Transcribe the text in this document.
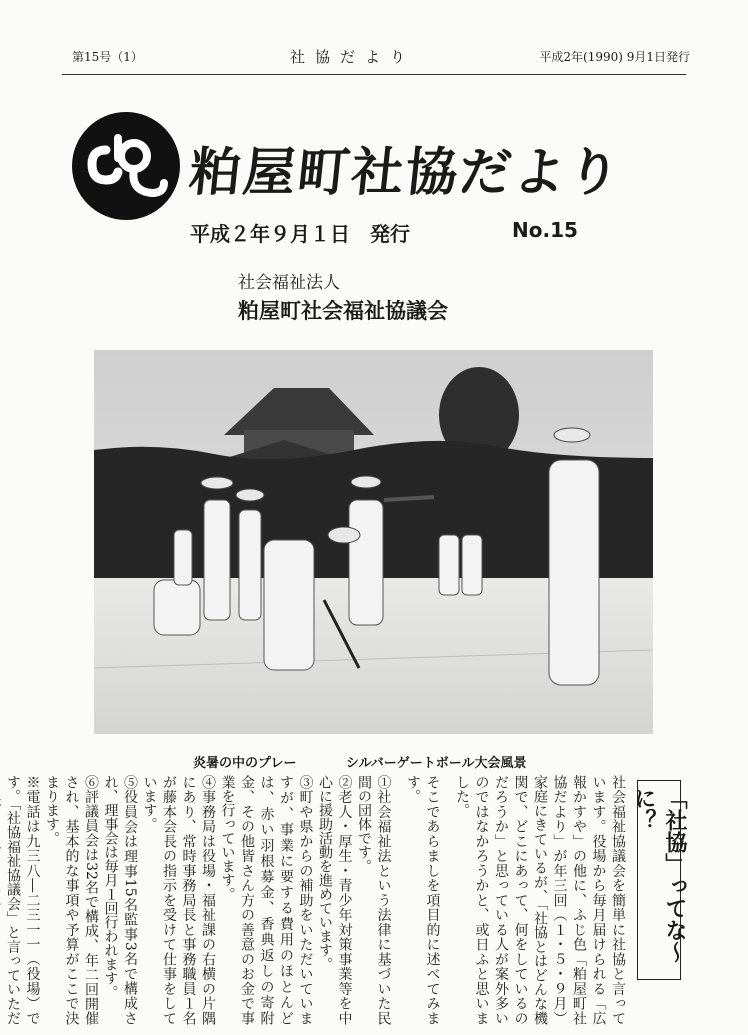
第15号（1）	社協だより	平成2年(1990) 9月1日発行
粕屋町社協だより
平成２年９月１日　発行	No.15
社会福祉法人
粕屋町社会福祉協議会
炎暑の中のプレー	シルバーゲートボール大会風景
「社協」ってな〜に？

社会福祉協議会を簡単に社協と言っています。役場から毎月届けられる「広報かすや」の他に、ふじ色「粕屋町社協だより」が年三回（１・５・９月）家庭にきているが、「社協とはどんな機関で、どこにあって、何をしているのだろうか」と思っている人が案外多いのではなかろうかと、或日ふと思いました。

そこであらましを項目的に述べてみます。

①社会福祉法という法律に基づいた民間の団体です。

②老人・厚生・青少年対策事業等を中心に援助活動を進めています。

③町や県からの補助をいただいていますが、事業に要する費用のほとんどは、赤い羽根募金、香典返しの寄附金、その他皆さん方の善意のお金で事業を行っています。

④事務局は役場・福祉課の右横の片隅にあり、常時事務局長と事務職員１名が藤本会長の指示を受けて仕事をしています。

⑤役員会は理事15名監事3名で構成され、理事会は毎月１回行われます。

⑥評議員会は32名で構成、年二回開催され、基本的な事項や予算がここで決まります。

※電話は九三八―二三一一（役場）です。「社協福祉協議会」と言っていただ
